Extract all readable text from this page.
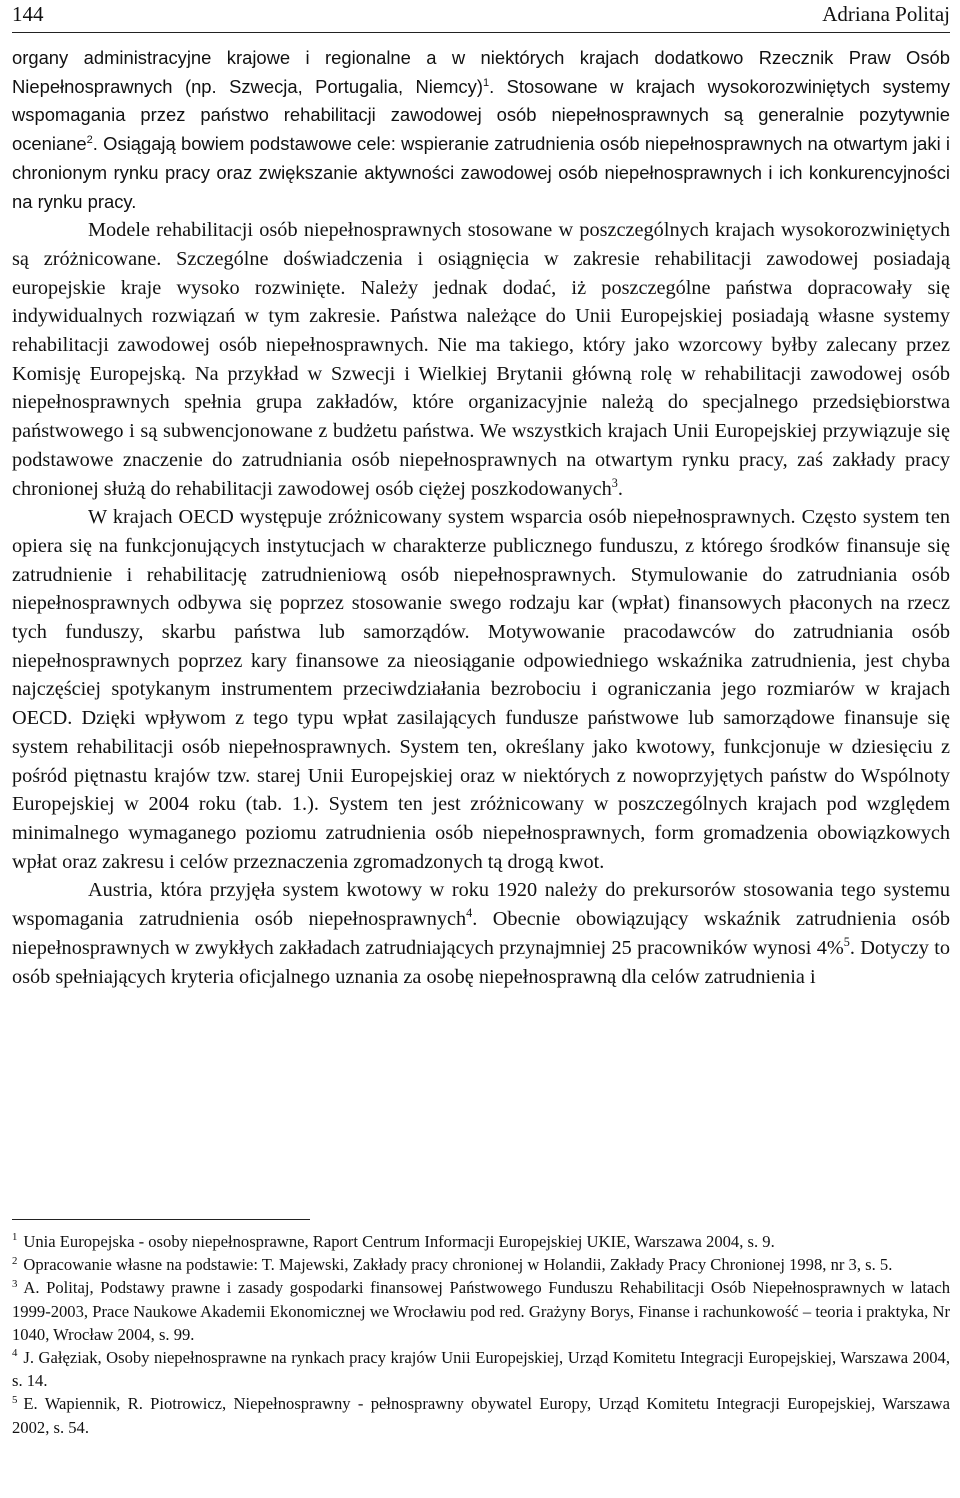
144	Adriana Politaj

organy administracyjne krajowe i regionalne a w niektórych krajach dodatkowo Rzecznik Praw Osób Niepełnosprawnych (np. Szwecja, Portugalia, Niemcy)$^1$. Stosowane w krajach wysokorozwiniętych systemy wspomagania przez państwo rehabilitacji zawodowej osób niepełnosprawnych są generalnie pozytywnie oceniane$^2$. Osiągają bowiem podstawowe cele: wspieranie zatrudnienia osób niepełnosprawnych na otwartym jaki i chronionym rynku pracy oraz zwiększanie aktywności zawodowej osób niepełnosprawnych i ich konkurencyjności na rynku pracy.

Modele rehabilitacji osób niepełnosprawnych stosowane w poszczególnych krajach wysokorozwiniętych są zróżnicowane. Szczególne doświadczenia i osiągnięcia w zakresie rehabilitacji zawodowej posiadają europejskie kraje wysoko rozwinięte. Należy jednak dodać, iż poszczególne państwa dopracowały się indywidualnych rozwiązań w tym zakresie. Państwa należące do Unii Europejskiej posiadają własne systemy rehabilitacji zawodowej osób niepełnosprawnych. Nie ma takiego, który jako wzorcowy byłby zalecany przez Komisję Europejską. Na przykład w Szwecji i Wielkiej Brytanii główną rolę w rehabilitacji zawodowej osób niepełnosprawnych spełnia grupa zakładów, które organizacyjnie należą do specjalnego przedsiębiorstwa państwowego i są subwencjonowane z budżetu państwa. We wszystkich krajach Unii Europejskiej przywiązuje się podstawowe znaczenie do zatrudniania osób niepełnosprawnych na otwartym rynku pracy, zaś zakłady pracy chronionej służą do rehabilitacji zawodowej osób ciężej poszkodowanych$^3$.

W krajach OECD występuje zróżnicowany system wsparcia osób niepełnosprawnych. Często system ten opiera się na funkcjonujących instytucjach w charakterze publicznego funduszu, z którego środków finansuje się zatrudnienie i rehabilitację zatrudnieniową osób niepełnosprawnych. Stymulowanie do zatrudniania osób niepełnosprawnych odbywa się poprzez stosowanie swego rodzaju kar (wpłat) finansowych płaconych na rzecz tych funduszy, skarbu państwa lub samorządów. Motywowanie pracodawców do zatrudniania osób niepełnosprawnych poprzez kary finansowe za nieosiąganie odpowiedniego wskaźnika zatrudnienia, jest chyba najczęściej spotykanym instrumentem przeciwdziałania bezrobociu i ograniczania jego rozmiarów w krajach OECD. Dzięki wpływom z tego typu wpłat zasilających fundusze państwowe lub samorządowe finansuje się system rehabilitacji osób niepełnosprawnych. System ten, określany jako kwotowy, funkcjonuje w dziesięciu z pośród piętnastu krajów tzw. starej Unii Europejskiej oraz w niektórych z nowoprzyjętych państw do Wspólnoty Europejskiej w 2004 roku (tab. 1.). System ten jest zróżnicowany w poszczególnych krajach pod względem minimalnego wymaganego poziomu zatrudnienia osób niepełnosprawnych, form gromadzenia obowiązkowych wpłat oraz zakresu i celów przeznaczenia zgromadzonych tą drogą kwot.

Austria, która przyjęła system kwotowy w roku 1920 należy do prekursorów stosowania tego systemu wspomagania zatrudnienia osób niepełnosprawnych$^4$. Obecnie obowiązujący wskaźnik zatrudnienia osób niepełnosprawnych w zwykłych zakładach zatrudniających przynajmniej 25 pracowników wynosi 4%$^5$. Dotyczy to osób spełniających kryteria oficjalnego uznania za osobę niepełnosprawną dla celów zatrudnienia i

$^1$ Unia Europejska - osoby niepełnosprawne, Raport Centrum Informacji Europejskiej UKIE, Warszawa 2004, s. 9.

$^2$ Opracowanie własne na podstawie: T. Majewski, Zakłady pracy chronionej w Holandii, Zakłady Pracy Chronionej 1998, nr 3, s. 5.

$^3$ A. Politaj, Podstawy prawne i zasady gospodarki finansowej Państwowego Funduszu Rehabilitacji Osób Niepełnosprawnych w latach 1999-2003, Prace Naukowe Akademii Ekonomicznej we Wrocławiu pod red. Grażyny Borys, Finanse i rachunkowość – teoria i praktyka, Nr 1040, Wrocław 2004, s. 99.

$^4$ J. Gałęziak, Osoby niepełnosprawne na rynkach pracy krajów Unii Europejskiej, Urząd Komitetu Integracji Europejskiej, Warszawa 2004, s. 14.

$^5$ E. Wapiennik, R. Piotrowicz, Niepełnosprawny - pełnosprawny obywatel Europy, Urząd Komitetu Integracji Europejskiej, Warszawa 2002, s. 54.
